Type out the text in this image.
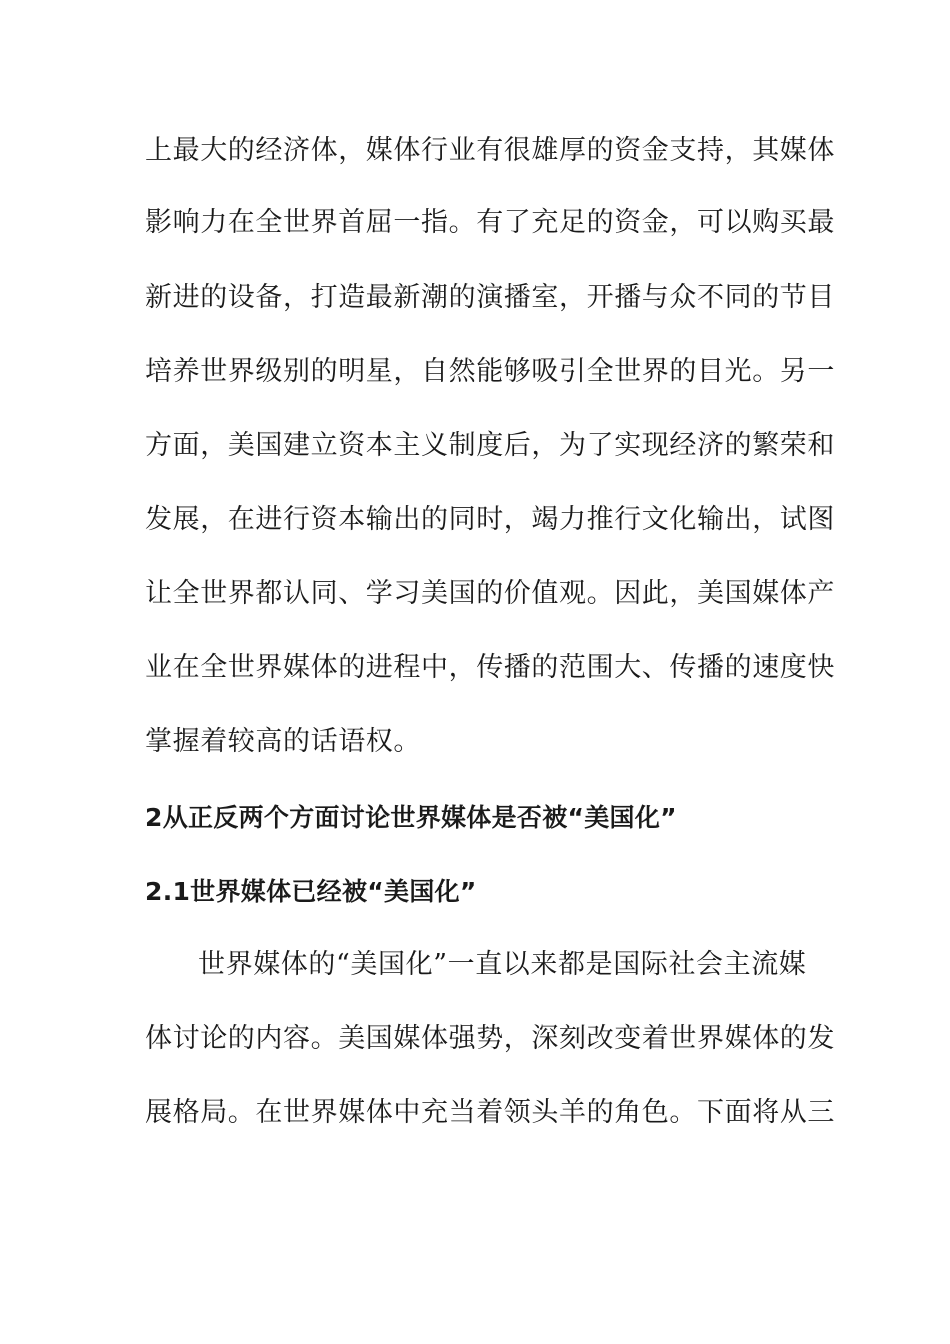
上最大的经济体，媒体行业有很雄厚的资金支持，其媒体
影响力在全世界首屈一指。有了充足的资金，可以购买最
新进的设备，打造最新潮的演播室，开播与众不同的节目
培养世界级别的明星，自然能够吸引全世界的目光。另一
方面，美国建立资本主义制度后，为了实现经济的繁荣和
发展，在进行资本输出的同时，竭力推行文化输出，试图
让全世界都认同、学习美国的价值观。因此，美国媒体产
业在全世界媒体的进程中，传播的范围大、传播的速度快
掌握着较高的话语权。
2从正反两个方面讨论世界媒体是否被“美国化”
2.1世界媒体已经被“美国化”
世界媒体的“美国化”一直以来都是国际社会主流媒
体讨论的内容。美国媒体强势，深刻改变着世界媒体的发
展格局。在世界媒体中充当着领头羊的角色。下面将从三
